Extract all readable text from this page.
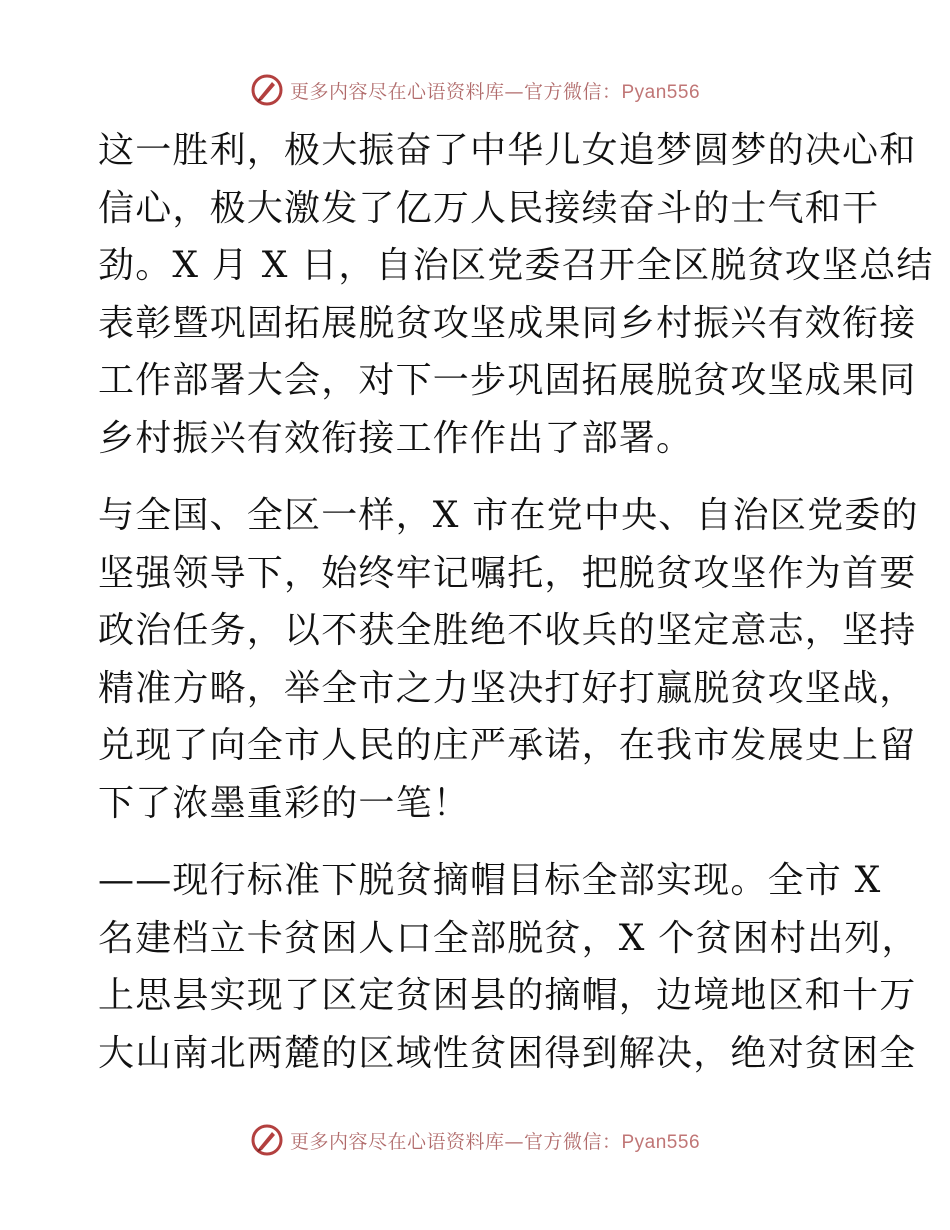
更多内容尽在心语资料库—官方微信：Pyan556
这一胜利，极大振奋了中华儿女追梦圆梦的决心和
信心，极大激发了亿万人民接续奋斗的士气和干
劲。X 月 X 日，自治区党委召开全区脱贫攻坚总结
表彰暨巩固拓展脱贫攻坚成果同乡村振兴有效衔接
工作部署大会，对下一步巩固拓展脱贫攻坚成果同
乡村振兴有效衔接工作作出了部署。
与全国、全区一样，X 市在党中央、自治区党委的
坚强领导下，始终牢记嘱托，把脱贫攻坚作为首要
政治任务，以不获全胜绝不收兵的坚定意志，坚持
精准方略，举全市之力坚决打好打赢脱贫攻坚战，
兑现了向全市人民的庄严承诺，在我市发展史上留
下了浓墨重彩的一笔！
——现行标准下脱贫摘帽目标全部实现。全市 X
名建档立卡贫困人口全部脱贫，X 个贫困村出列，
上思县实现了区定贫困县的摘帽，边境地区和十万
大山南北两麓的区域性贫困得到解决，绝对贫困全
更多内容尽在心语资料库—官方微信：Pyan556
